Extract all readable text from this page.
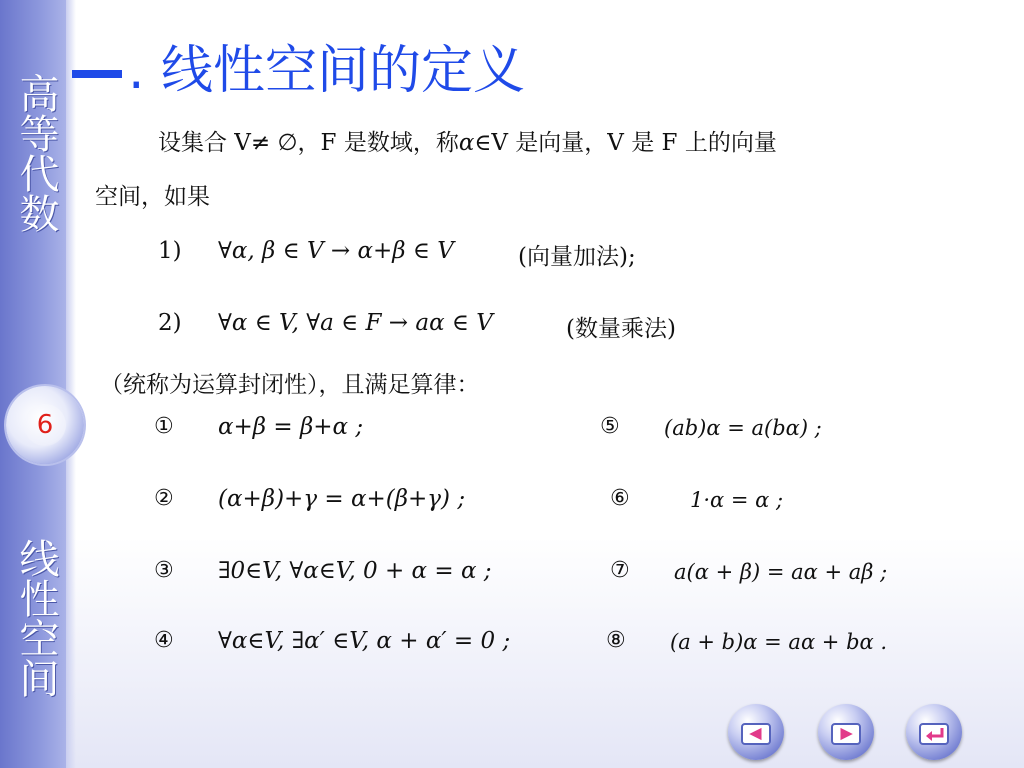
高等代数
6
线性空间
. 线性空间的定义
设集合 V≠ ∅，F 是数域，称α∈V 是向量，V 是 F 上的向量
空间，如果
1) ∀α, β ∈ V → α+β ∈ V	(向量加法);
2) ∀α ∈ V, ∀a ∈ F → aα ∈ V	(数量乘法)
（统称为运算封闭性），且满足算律：
① α+β = β+α ;
② (α+β)+γ = α+(β+γ) ;
③ ∃0∈V, ∀α∈V, 0 + α = α ;
④ ∀α∈V, ∃α′ ∈V, α + α′ = 0 ;
⑤ (ab)α = a(bα) ;
⑥	1·α = α ;
⑦ a(α + β) = aα + aβ ;
⑧ (a + b)α = aα + bα .
